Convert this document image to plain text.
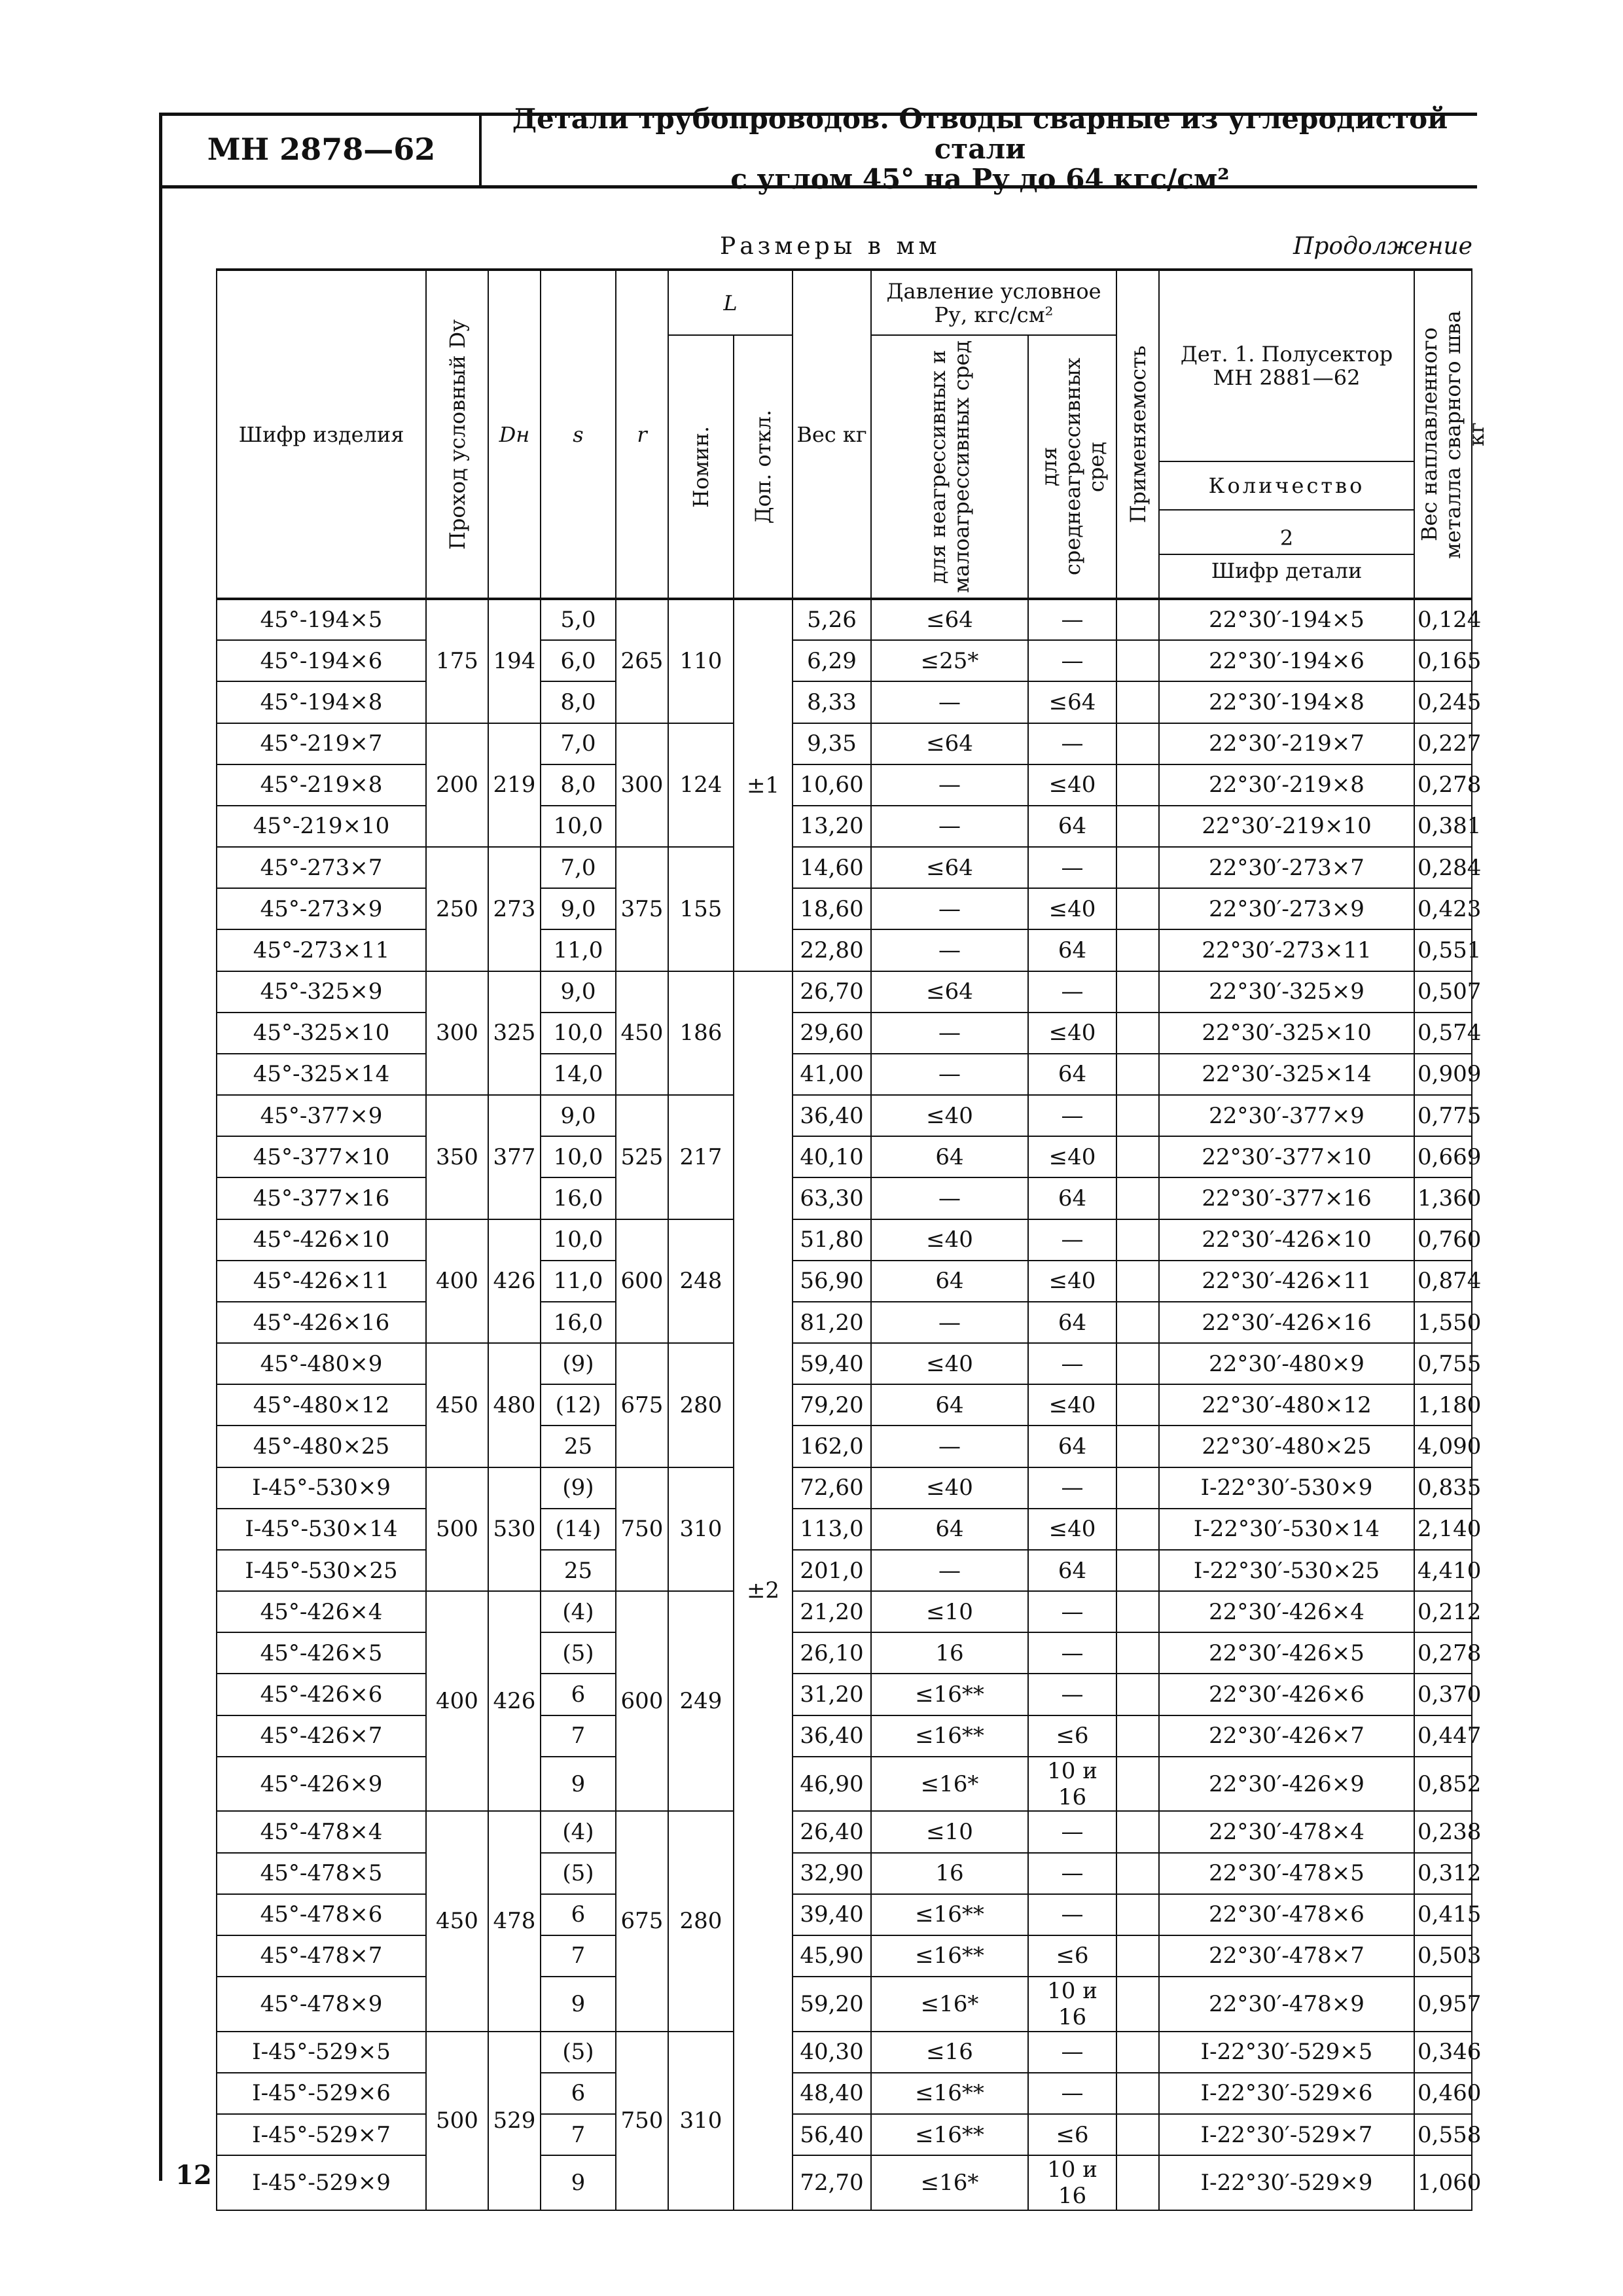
МН 2878—62
Детали трубопроводов. Отводы сварные из углеродистой стали
с углом 45° на Pу до 64 кгс/см²
Размеры в мм	Продолжение
Шифр изделия	Проход условный Dу	Dн	s	r	L		Вес кг	Давление условное Pу, кгс/см²		Применяемость	Дет. 1. Полусектор МН 2881—62	Вес наплавленного металла сварного шва кг

					Номин.	Доп. откл.		для неагрессивных и малоагрессивных сред	для среднеагрессивных сред			

											Количество	

											2
Шифр детали	

45°-194×5	175	194	5,0	265	110	±1	5,26	≤64	—		22°30′-194×5	0,124
45°-194×6			6,0				6,29	≤25*	—		22°30′-194×6	0,165
45°-194×8			8,0				8,33	—	≤64		22°30′-194×8	0,245
45°-219×7	200	219	7,0	300	124		9,35	≤64	—		22°30′-219×7	0,227
45°-219×8			8,0				10,60	—	≤40		22°30′-219×8	0,278
45°-219×10			10,0				13,20	—	64		22°30′-219×10	0,381
45°-273×7	250	273	7,0	375	155		14,60	≤64	—		22°30′-273×7	0,284
45°-273×9			9,0				18,60	—	≤40		22°30′-273×9	0,423
45°-273×11			11,0				22,80	—	64		22°30′-273×11	0,551
45°-325×9	300	325	9,0	450	186	±2	26,70	≤64	—		22°30′-325×9	0,507
45°-325×10			10,0				29,60	—	≤40		22°30′-325×10	0,574
45°-325×14			14,0				41,00	—	64		22°30′-325×14	0,909
45°-377×9	350	377	9,0	525	217		36,40	≤40	—		22°30′-377×9	0,775
45°-377×10			10,0				40,10	64	≤40		22°30′-377×10	0,669
45°-377×16			16,0				63,30	—	64		22°30′-377×16	1,360
45°-426×10	400	426	10,0	600	248		51,80	≤40	—		22°30′-426×10	0,760
45°-426×11			11,0				56,90	64	≤40		22°30′-426×11	0,874
45°-426×16			16,0				81,20	—	64		22°30′-426×16	1,550
45°-480×9	450	480	(9)	675	280		59,40	≤40	—		22°30′-480×9	0,755
45°-480×12			(12)				79,20	64	≤40		22°30′-480×12	1,180
45°-480×25			25				162,0	—	64		22°30′-480×25	4,090
I-45°-530×9	500	530	(9)	750	310		72,60	≤40	—		I-22°30′-530×9	0,835
I-45°-530×14			(14)				113,0	64	≤40		I-22°30′-530×14	2,140
I-45°-530×25			25				201,0	—	64		I-22°30′-530×25	4,410
45°-426×4	400	426	(4)	600	249		21,20	≤10	—		22°30′-426×4	0,212
45°-426×5			(5)				26,10	16	—		22°30′-426×5	0,278
45°-426×6			6				31,20	≤16**	—		22°30′-426×6	0,370
45°-426×7			7				36,40	≤16**	≤6		22°30′-426×7	0,447
45°-426×9			9				46,90	≤16*	10 и 16		22°30′-426×9	0,852
45°-478×4	450	478	(4)	675	280		26,40	≤10	—		22°30′-478×4	0,238
45°-478×5			(5)				32,90	16	—		22°30′-478×5	0,312
45°-478×6			6				39,40	≤16**	—		22°30′-478×6	0,415
45°-478×7			7				45,90	≤16**	≤6		22°30′-478×7	0,503
45°-478×9			9				59,20	≤16*	10 и 16		22°30′-478×9	0,957
I-45°-529×5	500	529	(5)	750	310		40,30	≤16	—		I-22°30′-529×5	0,346
I-45°-529×6			6				48,40	≤16**	—		I-22°30′-529×6	0,460
I-45°-529×7			7				56,40	≤16**	≤6		I-22°30′-529×7	0,558
I-45°-529×9			9				72,70	≤16*	10 и 16		I-22°30′-529×9	1,060
12
